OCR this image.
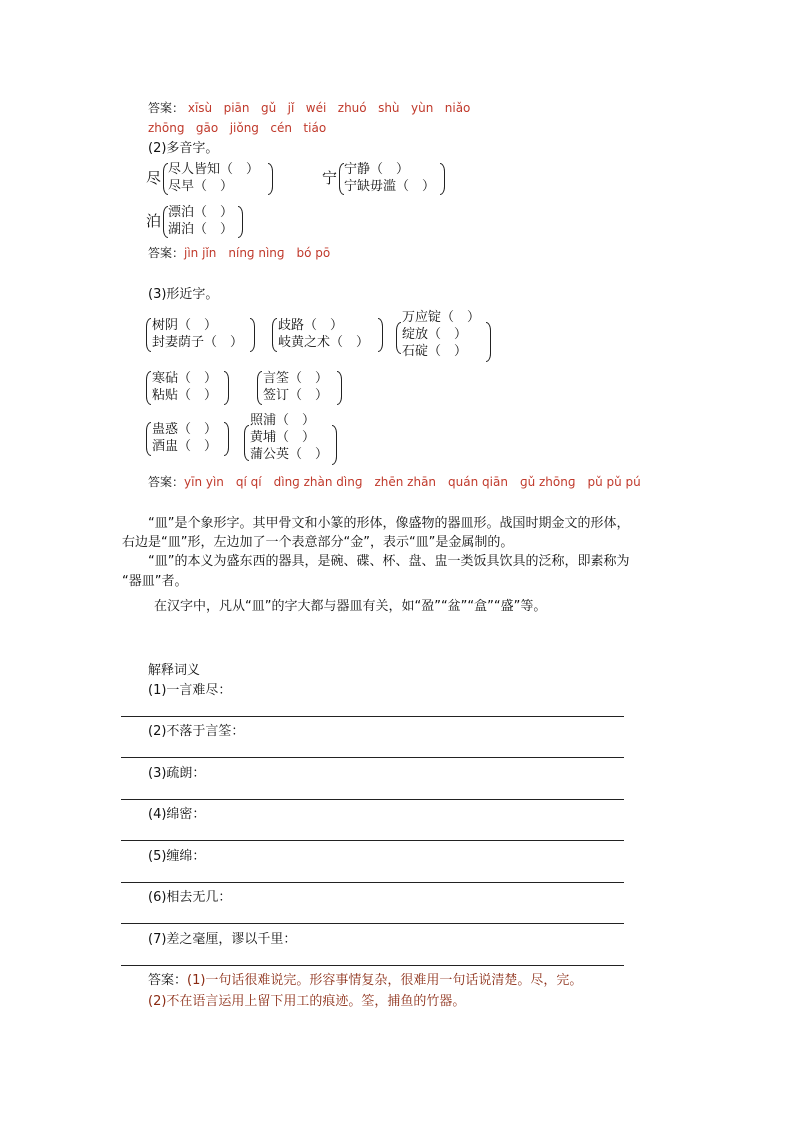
答案： xīsù piān gǔ jǐ wéi zhuó shù yùn niǎo
zhōng gāo jiǒng cén tiáo
(2)多音字。
尽 尽人皆知（　）
尽早（　）	宁 宁静（　）
宁缺毋滥（　）
泊 漂泊（　）
湖泊（　）
答案：jìn jǐn　nínɡ nìnɡ　bó pō
(3)形近字。
树阴（　）
封妻荫子（　）
歧路（　）
岐黄之术（　）
万应锭（　）
绽放（　）
石碇（　）
寒砧（　）
粘贴（　）
言筌（　）
签订（　）
蛊惑（　）
酒盅（　）
照浦（　）
黄埔（　）
蒲公英（　）
答案：yīn yìn　qí qí　dìnɡ zhàn dìnɡ　zhēn zhān　quán qiān　ɡǔ zhōnɡ　pǔ pǔ pú
“皿”是个象形字。其甲骨文和小篆的形体，像盛物的器皿形。战国时期金文的形体，
右边是“皿”形，左边加了一个表意部分“金”，表示“皿”是金属制的。
“皿”的本义为盛东西的器具，是碗、碟、杯、盘、盅一类饭具饮具的泛称，即素称为
“器皿”者。
在汉字中，凡从“皿”的字大都与器皿有关，如“盈”“盆”“盒”“盛”等。
解释词义
(1)一言难尽：
(2)不落于言筌：
(3)疏朗：
(4)绵密：
(5)缠绵：
(6)相去无几：
(7)差之毫厘，谬以千里：
答案：(1)一句话很难说完。形容事情复杂，很难用一句话说清楚。尽，完。
(2)不在语言运用上留下用工的痕迹。筌，捕鱼的竹器。
